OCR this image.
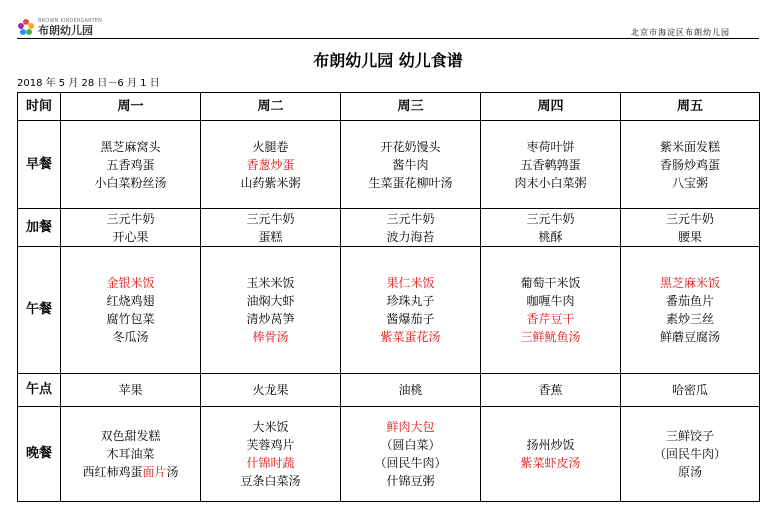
BROWN KINDERGARTEN
布朗幼儿园	北京市海淀区布朗幼儿园
布朗幼儿园 幼儿食谱
2018 年 5 月 28 日－6 月 1 日
时间	周一	周二	周三	周四	周五
早餐	黑芝麻窝头
五香鸡蛋
小白菜粉丝汤	火腿卷
香葱炒蛋
山药紫米粥	开花奶馒头
酱牛肉
生菜蛋花柳叶汤	枣荷叶饼
五香鹌鹑蛋
肉末小白菜粥	紫米面发糕
香肠炒鸡蛋
八宝粥

加餐	三元牛奶
开心果	三元牛奶
蛋糕	三元牛奶
波力海苔	三元牛奶
桃酥	三元牛奶
腰果

午餐	金银米饭
红烧鸡翅
腐竹包菜
冬瓜汤	玉米米饭
油焖大虾
清炒莴笋
棒骨汤	果仁米饭
珍珠丸子
酱爆茄子
紫菜蛋花汤	葡萄干米饭
咖喱牛肉
香芹豆干
三鲜鱿鱼汤	黑芝麻米饭
番茄鱼片
素炒三丝
鲜蘑豆腐汤

午点	苹果	火龙果	油桃	香蕉	哈密瓜

晚餐	双色甜发糕
木耳油菜
西红柿鸡蛋面片汤	大米饭
芙蓉鸡片
什锦时蔬
豆条白菜汤	鲜肉大包
（圆白菜）
（回民牛肉）
什锦豆粥	扬州炒饭
紫菜虾皮汤	三鲜饺子
（回民牛肉）
原汤
